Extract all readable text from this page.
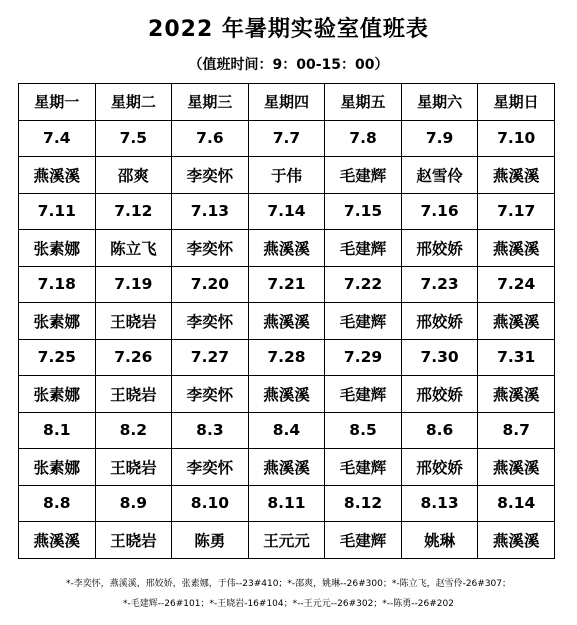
2022 年暑期实验室值班表
（值班时间：9：00-15：00）
星期一	星期二	星期三	星期四	星期五	星期六	星期日
7.4	7.5	7.6	7.7	7.8	7.9	7.10
燕溪溪	邵爽	李奕怀	于伟	毛建辉	赵雪伶	燕溪溪
7.11	7.12	7.13	7.14	7.15	7.16	7.17
张素娜	陈立飞	李奕怀	燕溪溪	毛建辉	邢姣娇	燕溪溪
7.18	7.19	7.20	7.21	7.22	7.23	7.24
张素娜	王晓岩	李奕怀	燕溪溪	毛建辉	邢姣娇	燕溪溪
7.25	7.26	7.27	7.28	7.29	7.30	7.31
张素娜	王晓岩	李奕怀	燕溪溪	毛建辉	邢姣娇	燕溪溪
8.1	8.2	8.3	8.4	8.5	8.6	8.7
张素娜	王晓岩	李奕怀	燕溪溪	毛建辉	邢姣娇	燕溪溪
8.8	8.9	8.10	8.11	8.12	8.13	8.14
燕溪溪	王晓岩	陈勇	王元元	毛建辉	姚琳	燕溪溪
*-李奕怀，燕溪溪，邢姣娇，张素娜，于伟--23#410；*-邵爽，姚琳--26#300；*-陈立飞，赵雪伶-26#307；
*-毛建辉--26#101；*-王晓岩-16#104；*--王元元--26#302；*--陈勇--26#202
